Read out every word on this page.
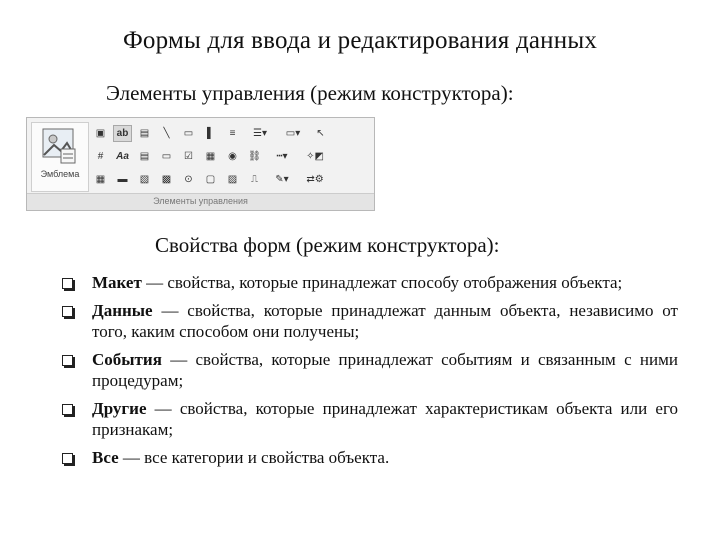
Формы для ввода и редактирования данных
Элементы управления (режим конструктора):
Эмблема
▣	ab	▤	╲	▭	▌	≡	☰▾	▭▾	↖
#	Aa	▤	▭	☑	▦	◉	⛓	┅▾	✧◩
▦	▬	▧	▩	⊙	▢	▨	⎍	✎▾	⇄⚙
Элементы управления
Свойства форм (режим конструктора):
Макет — свойства, которые принадлежат способу отображения объекта;
Данные — свойства, которые принадлежат данным объекта, независимо от того, каким способом они получены;
События — свойства, которые принадлежат событиям и связанным с ними процедурам;
Другие — свойства, которые принадлежат характеристикам объекта или его признакам;
Все — все категории и свойства объекта.
